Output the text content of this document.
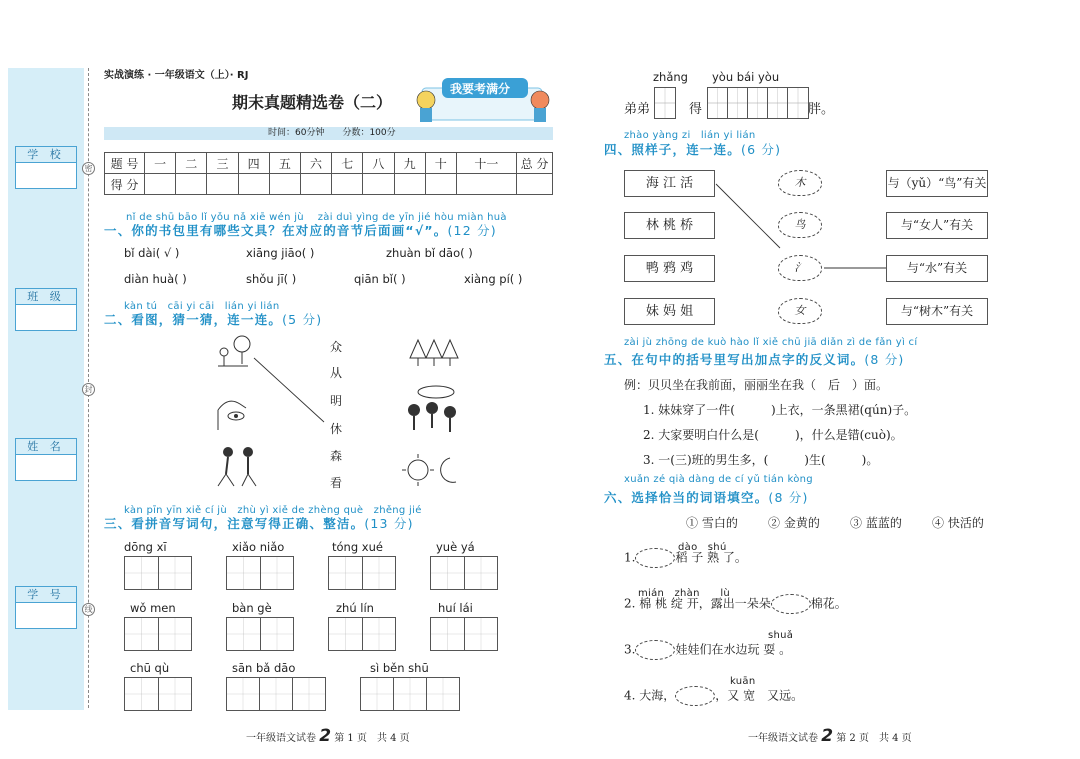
学 校
班 级
姓 名
学 号
密
封
线
实战演练 · 一年级语文（上）· RJ
期末真题精选卷（二）
我要考满分
时间：60分钟　　分数：100分
题 号	一	二	三	四	五	六	七	八	九	十	十一	总 分
得 分												
nǐ de shū bāo lǐ yǒu nǎ xiē wén jù　 zài duì yìng de yīn jié hòu miàn huà
一、你的书包里有哪些文具？在对应的音节后面画“√”。(12 分)
bǐ dài( √ )	xiāng jiāo( )	zhuàn bǐ dāo( )
diàn huà( )	shǒu jī( )	qiān bǐ( )	xiàng pí( )
kàn tú　cāi yi cāi　lián yi lián
二、看图，猜一猜，连一连。(5 分)
众
从
明
休
森
看
kàn pīn yīn xiě cí jù　zhù yì xiě de zhèng què　zhěng jié
三、看拼音写词句，注意写得正确、整洁。(13 分)
dōng xī	xiǎo niǎo	tóng xué	yuè yá
wǒ men	bàn gè	zhú lín	huí lái
chū qù	sān bǎ dāo	sì běn shū
一年级语文试卷 2 第 1 页　共 4 页
zhǎng yòu bái yòu
弟弟	得	胖。
zhào yàng zi　lián yi lián
四、照样子，连一连。(6 分)
海 江 活
林 桃 桥
鸭 鸦 鸡
妹 妈 姐
木
鸟
氵
女
与（yǔ）“鸟”有关
与“女人”有关
与“水”有关
与“树木”有关
zài jù zhōng de kuò hào lǐ xiě chū jiā diǎn zì de fǎn yì cí
五、在句中的括号里写出加点字的反义词。(8 分)
例：贝贝坐在我前面，丽丽坐在我（　后　）面。
1. 妹妹穿了一件(　　　)上衣，一条黑裙(qún)子。
2. 大家要明白什么是(　　　)，什么是错(cuò)。
3. 一(三)班的男生多，(　　　)生(　　　)。
xuǎn zé qià dàng de cí yǔ tián kòng
六、选择恰当的词语填空。(8 分)
① 雪白的	② 金黄的	③ 蓝蓝的	④ 快活的
dào　shú
1.	稻 子 熟 了。
mián　zhàn　　lù
2. 棉 桃 绽 开，露出一朵朵	棉花。
shuǎ
3.	娃娃们在水边玩 耍 。
kuān
4. 大海，	，又 宽　又远。
一年级语文试卷 2 第 2 页　共 4 页
